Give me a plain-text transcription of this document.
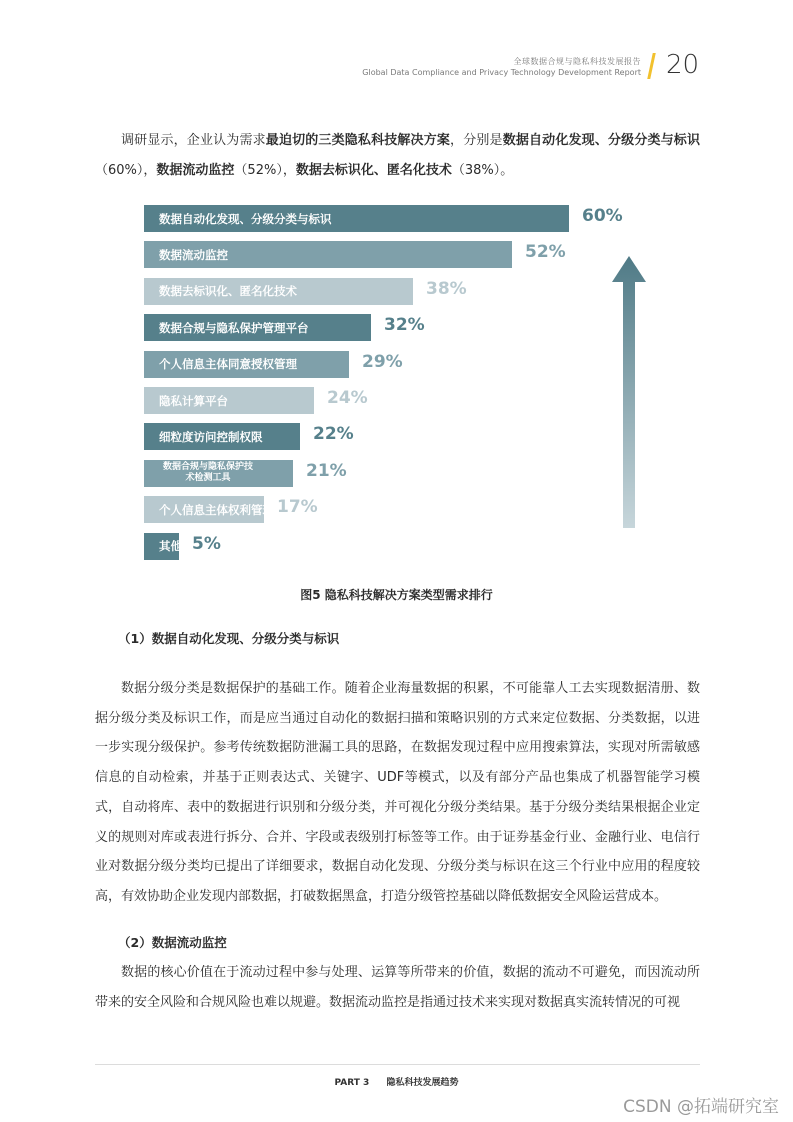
全球数据合规与隐私科技发展报告
Global Data Compliance and Privacy Technology Development Report 20
调研显示，企业认为需求最迫切的三类隐私科技解决方案，分别是数据自动化发现、分级分类与标识（60%），数据流动监控（52%），数据去标识化、匿名化技术（38%）。
数据自动化发现、分级分类与标识	60%
数据流动监控	52%
数据去标识化、匿名化技术	38%
数据合规与隐私保护管理平台	32%
个人信息主体同意授权管理	29%
隐私计算平台	24%
细粒度访问控制权限	22%
数据合规与隐私保护技
术检测工具	21%
个人信息主体权利管理 17%
其他 5%
图5 隐私科技解决方案类型需求排行
（1）数据自动化发现、分级分类与标识
数据分级分类是数据保护的基础工作。随着企业海量数据的积累，不可能靠人工去实现数据清册、数据分级分类及标识工作，而是应当通过自动化的数据扫描和策略识别的方式来定位数据、分类数据，以进一步实现分级保护。参考传统数据防泄漏工具的思路，在数据发现过程中应用搜索算法，实现对所需敏感信息的自动检索，并基于正则表达式、关键字、UDF等模式，以及有部分产品也集成了机器智能学习模式，自动将库、表中的数据进行识别和分级分类，并可视化分级分类结果。基于分级分类结果根据企业定义的规则对库或表进行拆分、合并、字段或表级别打标签等工作。由于证券基金行业、金融行业、电信行业对数据分级分类均已提出了详细要求，数据自动化发现、分级分类与标识在这三个行业中应用的程度较高，有效协助企业发现内部数据，打破数据黑盒，打造分级管控基础以降低数据安全风险运营成本。
（2）数据流动监控
数据的核心价值在于流动过程中参与处理、运算等所带来的价值，数据的流动不可避免，而因流动所带来的安全风险和合规风险也难以规避。数据流动监控是指通过技术来实现对数据真实流转情况的可视
PART 3 隐私科技发展趋势
CSDN @拓端研究室
